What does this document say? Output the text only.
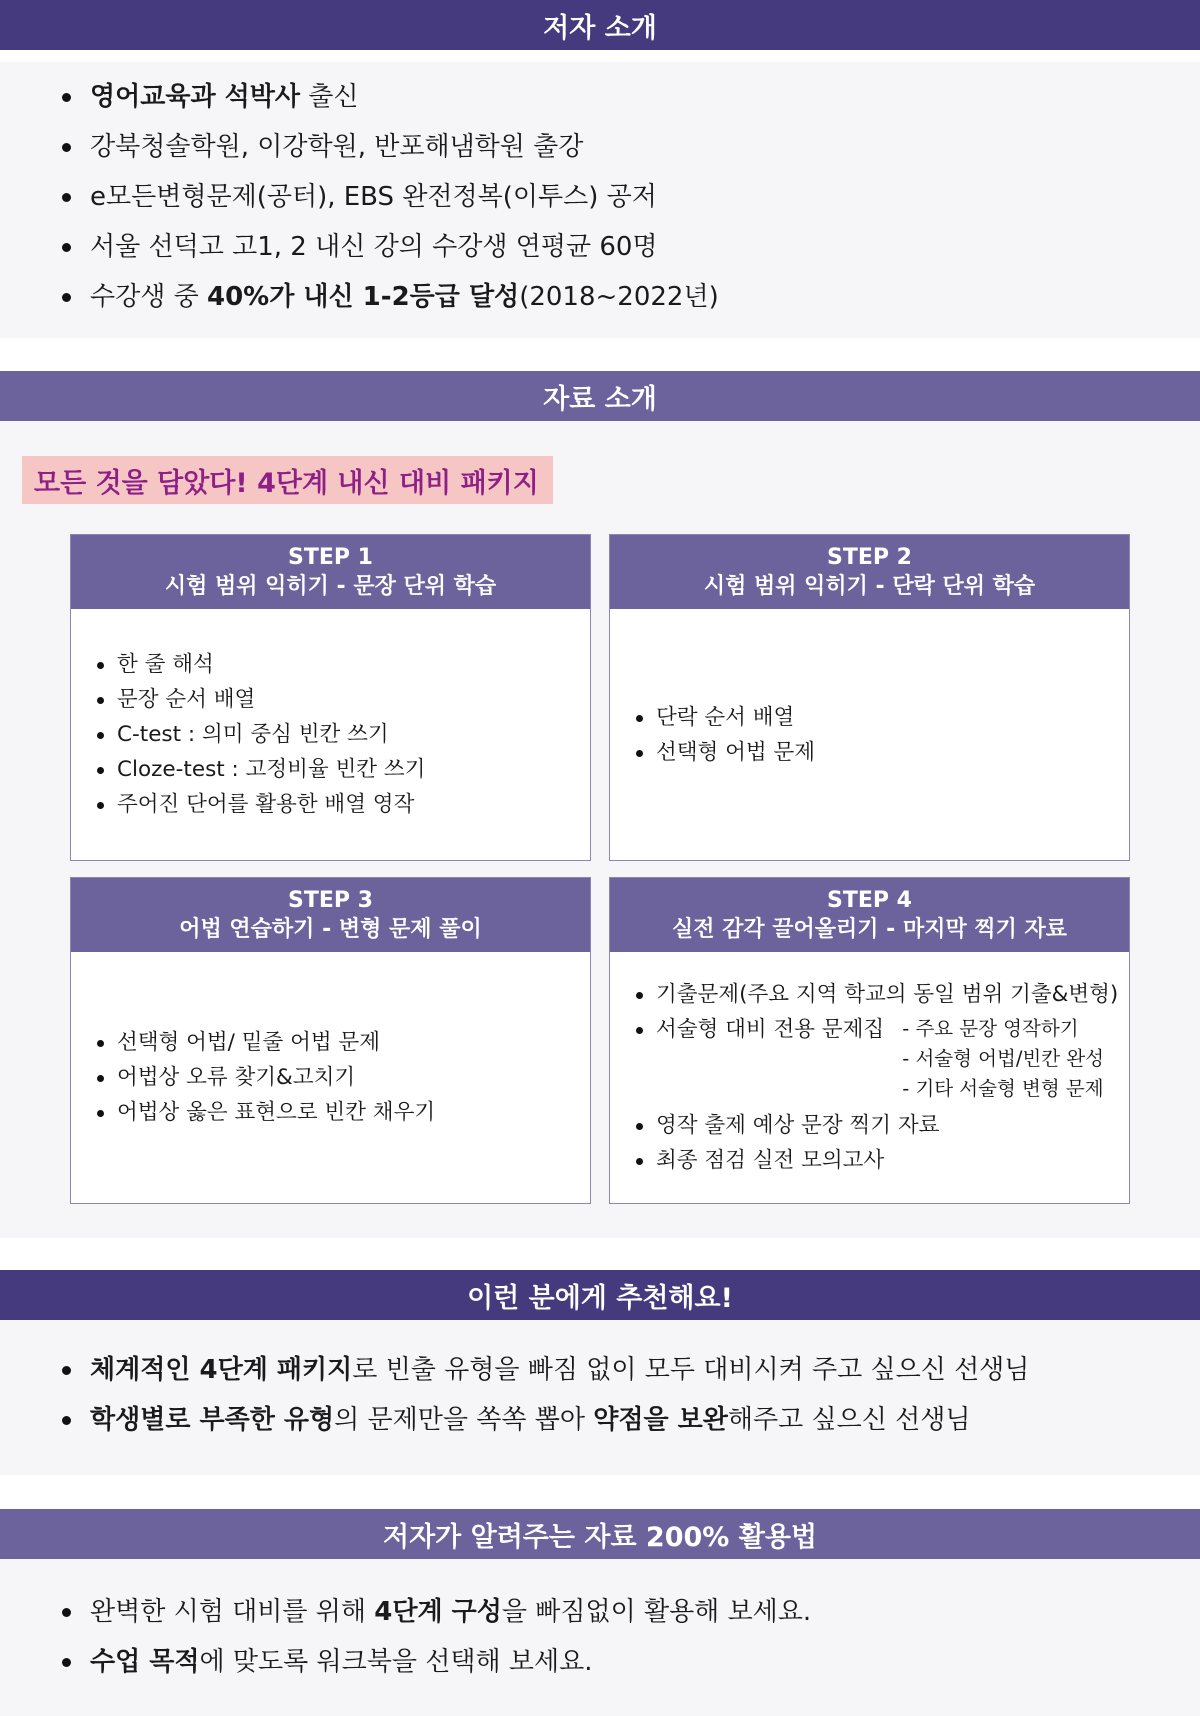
저자 소개
영어교육과 석박사 출신
강북청솔학원, 이강학원, 반포해냄학원 출강
e모든변형문제(공터), EBS 완전정복(이투스) 공저
서울 선덕고 고1, 2 내신 강의 수강생 연평균 60명
수강생 중 40%가 내신 1-2등급 달성(2018~2022년)
자료 소개
모든 것을 담았다! 4단계 내신 대비 패키지
STEP 1
시험 범위 익히기 - 문장 단위 학습
한 줄 해석
문장 순서 배열
C-test : 의미 중심 빈칸 쓰기
Cloze-test : 고정비율 빈칸 쓰기
주어진 단어를 활용한 배열 영작
STEP 2
시험 범위 익히기 - 단락 단위 학습
단락 순서 배열
선택형 어법 문제
STEP 3
어법 연습하기 - 변형 문제 풀이
선택형 어법/ 밑줄 어법 문제
어법상 오류 찾기&고치기
어법상 옳은 표현으로 빈칸 채우기
STEP 4
실전 감각 끌어올리기 - 마지막 찍기 자료
기출문제(주요 지역 학교의 동일 범위 기출&변형)
서술형 대비 전용 문제집 - 주요 문장 영작하기
- 서술형 어법/빈칸 완성
- 기타 서술형 변형 문제
영작 출제 예상 문장 찍기 자료
최종 점검 실전 모의고사
이런 분에게 추천해요!
체계적인 4단계 패키지로 빈출 유형을 빠짐 없이 모두 대비시켜 주고 싶으신 선생님
학생별로 부족한 유형의 문제만을 쏙쏙 뽑아 약점을 보완해주고 싶으신 선생님
저자가 알려주는 자료 200% 활용법
완벽한 시험 대비를 위해 4단계 구성을 빠짐없이 활용해 보세요.
수업 목적에 맞도록 워크북을 선택해 보세요.
